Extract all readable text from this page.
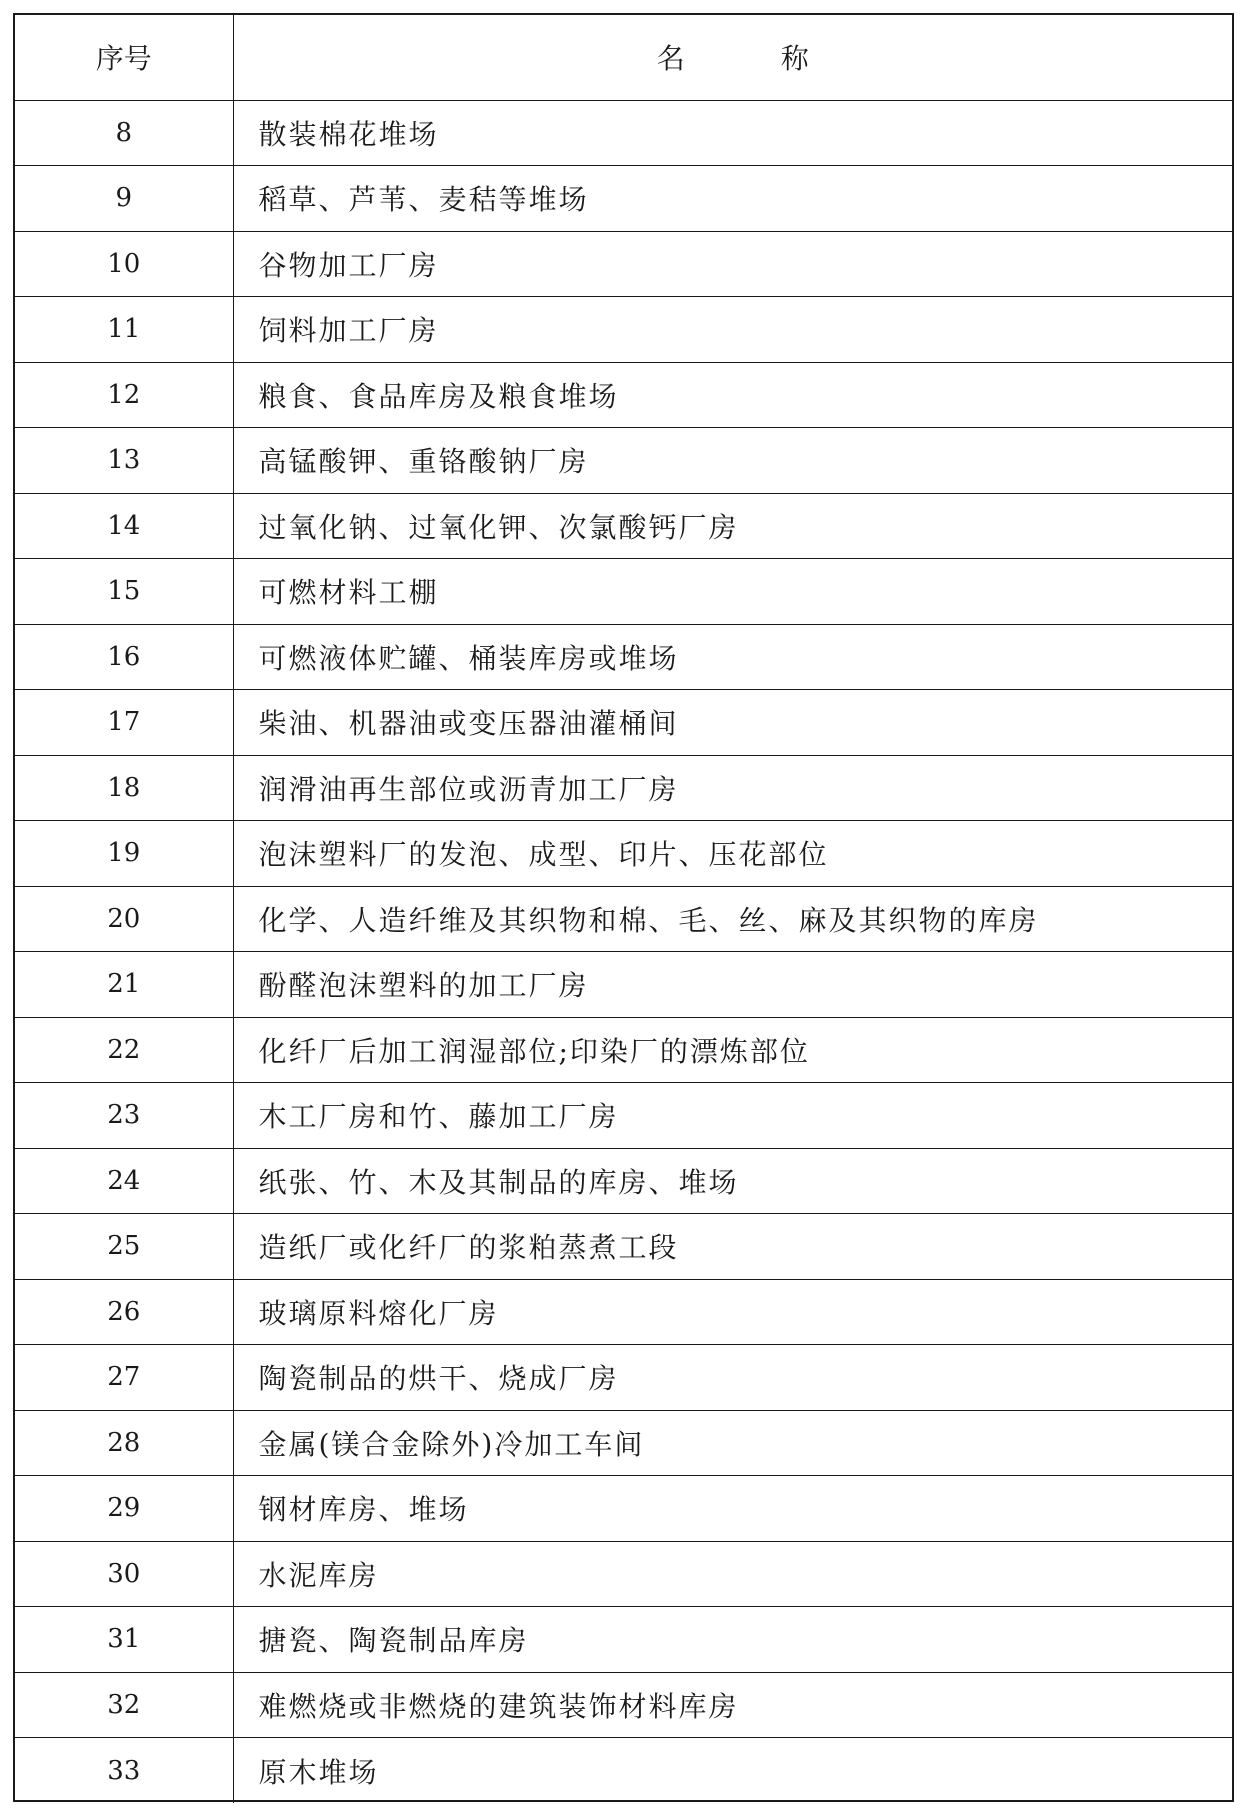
序号	名称
8	散装棉花堆场
9	稻草、芦苇、麦秸等堆场
10	谷物加工厂房
11	饲料加工厂房
12	粮食、食品库房及粮食堆场
13	高锰酸钾、重铬酸钠厂房
14	过氧化钠、过氧化钾、次氯酸钙厂房
15	可燃材料工棚
16	可燃液体贮罐、桶装库房或堆场
17	柴油、机器油或变压器油灌桶间
18	润滑油再生部位或沥青加工厂房
19	泡沫塑料厂的发泡、成型、印片、压花部位
20	化学、人造纤维及其织物和棉、毛、丝、麻及其织物的库房
21	酚醛泡沫塑料的加工厂房
22	化纤厂后加工润湿部位;印染厂的漂炼部位
23	木工厂房和竹、藤加工厂房
24	纸张、竹、木及其制品的库房、堆场
25	造纸厂或化纤厂的浆粕蒸煮工段
26	玻璃原料熔化厂房
27	陶瓷制品的烘干、烧成厂房
28	金属(镁合金除外)冷加工车间
29	钢材库房、堆场
30	水泥库房
31	搪瓷、陶瓷制品库房
32	难燃烧或非燃烧的建筑装饰材料库房
33	原木堆场
